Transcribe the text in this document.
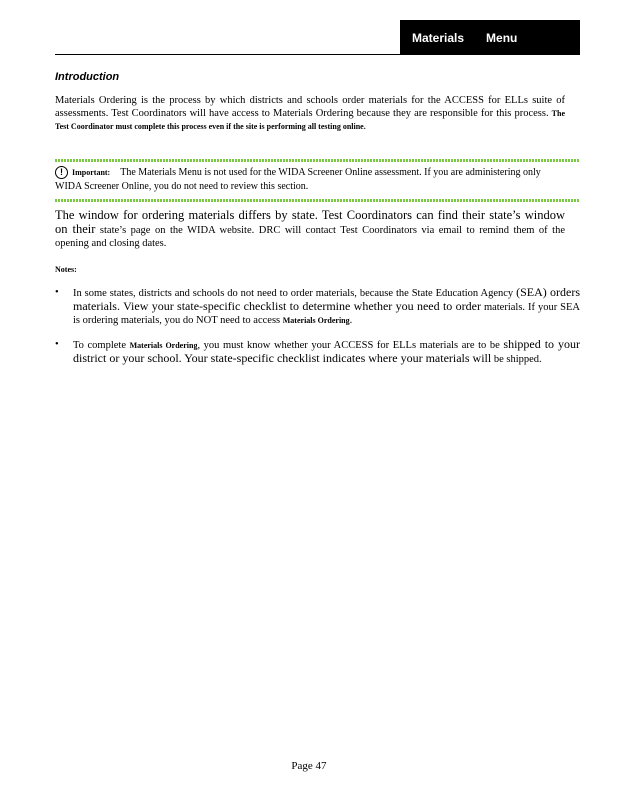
Materials Menu
Introduction
Materials Ordering is the process by which districts and schools order materials for the ACCESS for ELLs suite of assessments. Test Coordinators will have access to Materials Ordering because they are responsible for this process. The Test Coordinator must complete this process even if the site is performing all testing online.
! Important: The Materials Menu is not used for the WIDA Screener Online assessment. If you are administering only WIDA Screener Online, you do not need to review this section.
The window for ordering materials differs by state. Test Coordinators can find their state’s window on their state’s page on the WIDA website. DRC will contact Test Coordinators via email to remind them of the opening and closing dates.
Notes:
• In some states, districts and schools do not need to order materials, because the State Education Agency (SEA) orders materials. View your state-specific checklist to determine whether you need to order materials. If your SEA is ordering materials, you do NOT need to access Materials Ordering.
• To complete Materials Ordering, you must know whether your ACCESS for ELLs materials are to be shipped to your district or your school. Your state-specific checklist indicates where your materials will be shipped.
Page 47
